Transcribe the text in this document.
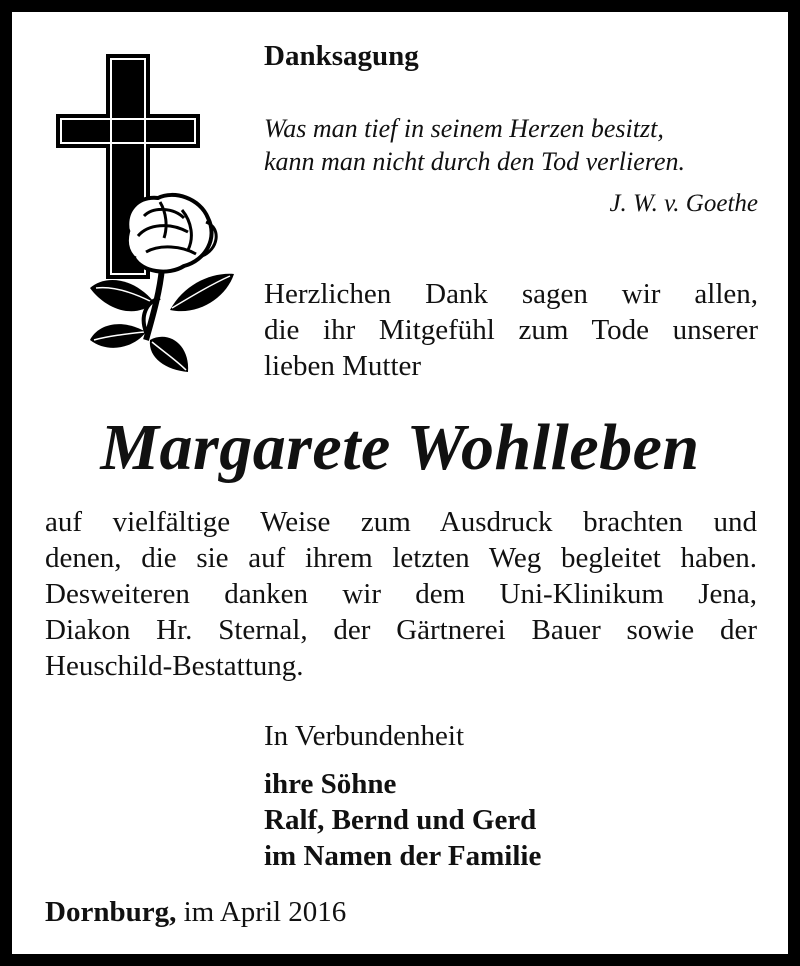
Danksagung
Was man tief in seinem Herzen besitzt,
kann man nicht durch den Tod verlieren.
J. W. v. Goethe
Herzlichen Dank sagen wir allen,
die ihr Mitgefühl zum Tode unserer
lieben Mutter
Margarete Wohlleben
auf vielfältige Weise zum Ausdruck brachten und
denen, die sie auf ihrem letzten Weg begleitet haben.
Desweiteren danken wir dem Uni-Klinikum Jena,
Diakon Hr. Sternal, der Gärtnerei Bauer sowie der
Heuschild-Bestattung.
In Verbundenheit
ihre Söhne
Ralf, Bernd und Gerd
im Namen der Familie
Dornburg, im April 2016
